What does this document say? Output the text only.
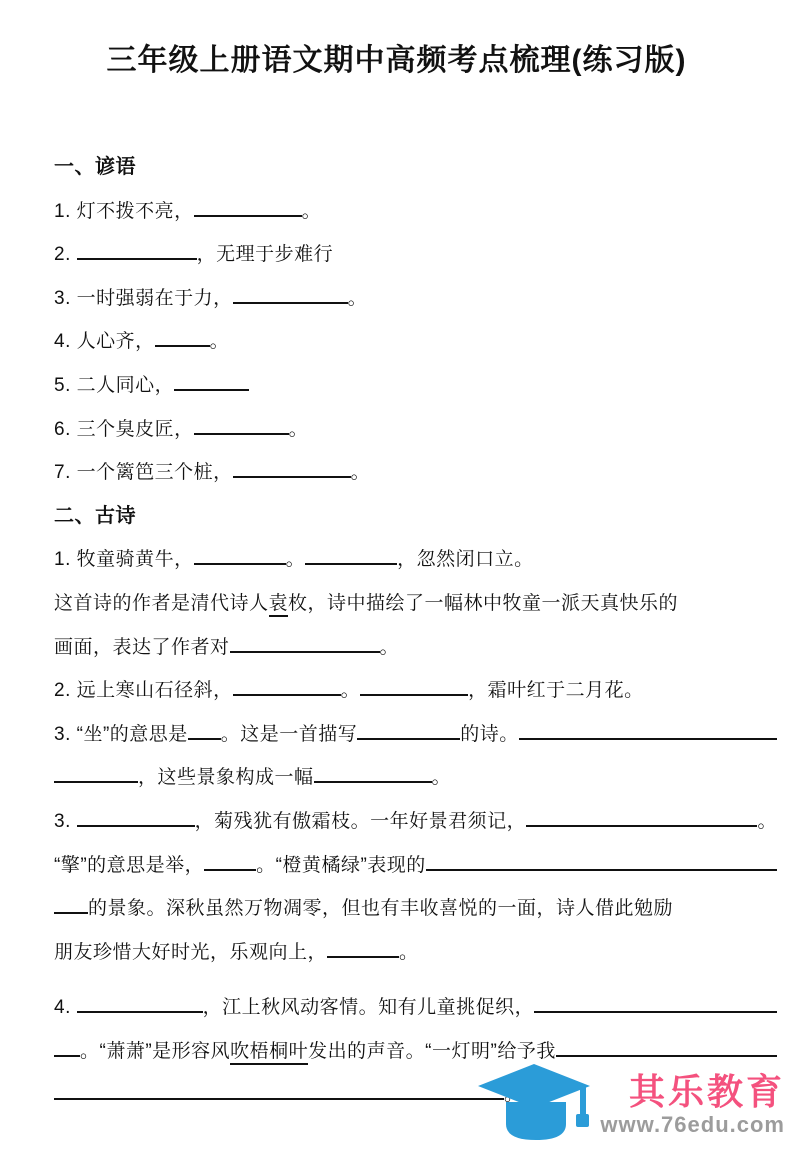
三年级上册语文期中高频考点梳理(练习版)
一、谚语
1. 灯不拨不亮，	。
2.	，无理于步难行
3. 一时强弱在于力，	。
4. 人心齐，	。
5. 二人同心，
6. 三个臭皮匠，	。
7. 一个篱笆三个桩，	。
二、古诗
1. 牧童骑黄牛，	。	，忽然闭口立。
这首诗的作者是清代诗人 袁 枚，诗中描绘了一幅林中牧童一派天真快乐的
画面，表达了作者对	。
2. 远上寒山石径斜，	。	，霜叶红于二月花。
3. “坐”的意思是 。这是一首描写	的诗。
，这些景象构成一幅	。
3.	，菊残犹有傲霜枝。一年好景君须记，	。
“擎”的意思是举，	。“橙黄橘绿”表现的
的景象。深秋虽然万物凋零，但也有丰收喜悦的一面，诗人借此勉励
朋友珍惜大好时光，乐观向上，	。
4.	，江上秋风动客情。知有儿童挑促织，
。“萧萧”是形容风 吹梧桐叶 发出的声音。“一灯明”给予我
其乐教育
www.76edu.com
